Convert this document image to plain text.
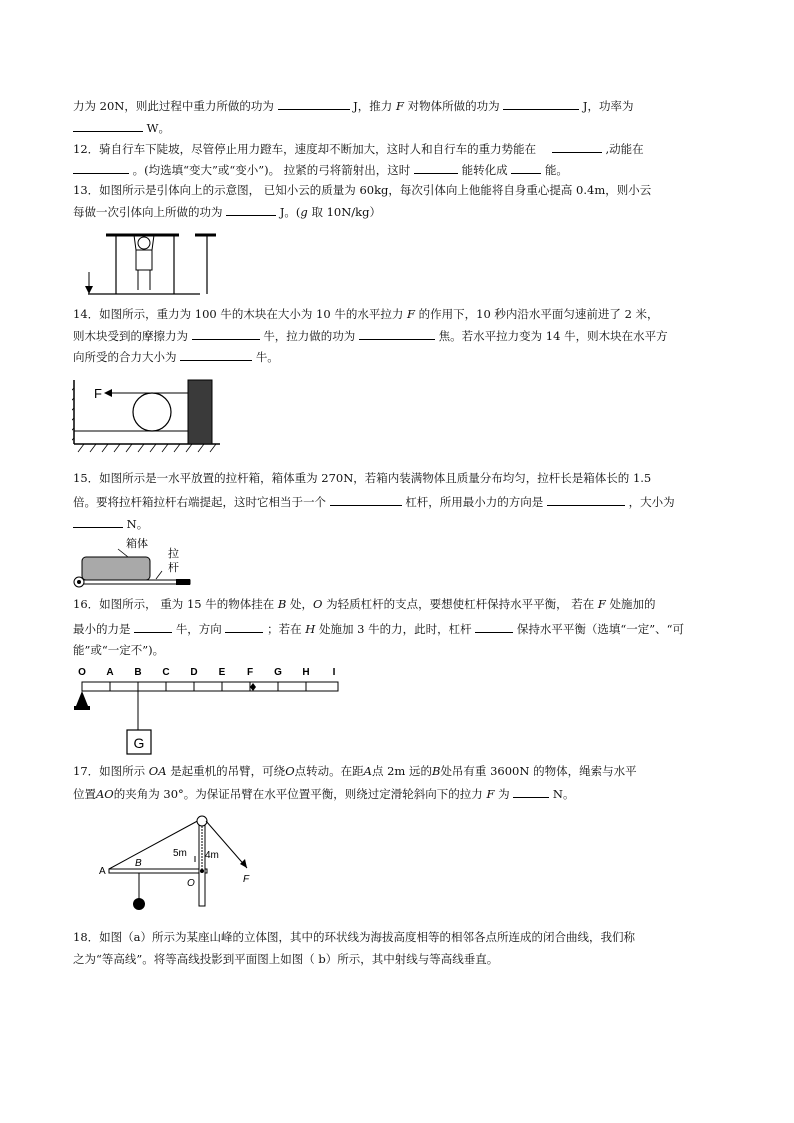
力为 20N，则此过程中重力所做的功为	J，推力 F 对物体所做的功为	J，功率为
W。
12．骑自行车下陡坡，尽管停止用力蹬车，速度却不断加大，这时人和自行车的重力势能在	,动能在
。(均选填“变大”或“变小”)。 拉紧的弓将箭射出，这时	能转化成	能。
13．如图所示是引体向上的示意图， 已知小云的质量为 60kg，每次引体向上他能将自身重心提高 0.4m，则小云
每做一次引体向上所做的功为	J。(g 取 10N/kg）
14．如图所示，重力为 100 牛的木块在大小为 10 牛的水平拉力 F 的作用下，10 秒内沿水平面匀速前进了 2 米，
则木块受到的摩擦力为	牛，拉力做的功为	焦。若水平拉力变为 14 牛，则木块在水平方
向所受的合力大小为	牛。
F
15．如图所示是一水平放置的拉杆箱，箱体重为 270N，若箱内装满物体且质量分布均匀，拉杆长是箱体长的 1.5
倍。要将拉杆箱拉杆右端提起，这时它相当于一个	杠杆，所用最小力的方向是	，大小为
N。
箱体
拉
杆
16．如图所示， 重为 15 牛的物体挂在 B 处，O 为轻质杠杆的支点，要想使杠杆保持水平平衡， 若在 F 处施加的
最小的力是	牛，方向	；若在 H 处施加 3 牛的力，此时，杠杆	保持水平平衡（选填“一定”、“可
能”或“一定不”)。
O A B C D E F G H I
G
17．如图所示 OA 是起重机的吊臂，可绕O点转动。在距A点 2m 远的B处吊有重 3600N 的物体，绳索与水平
位置AO的夹角为 30°。为保证吊臂在水平位置平衡，则绕过定滑轮斜向下的拉力 F 为	N。
A
B
O
5m 4m
F
18．如图（a）所示为某座山峰的立体图，其中的环状线为海拔高度相等的相邻各点所连成的闭合曲线，我们称
之为“等高线”。将等高线投影到平面图上如图（ b）所示，其中射线与等高线垂直。
